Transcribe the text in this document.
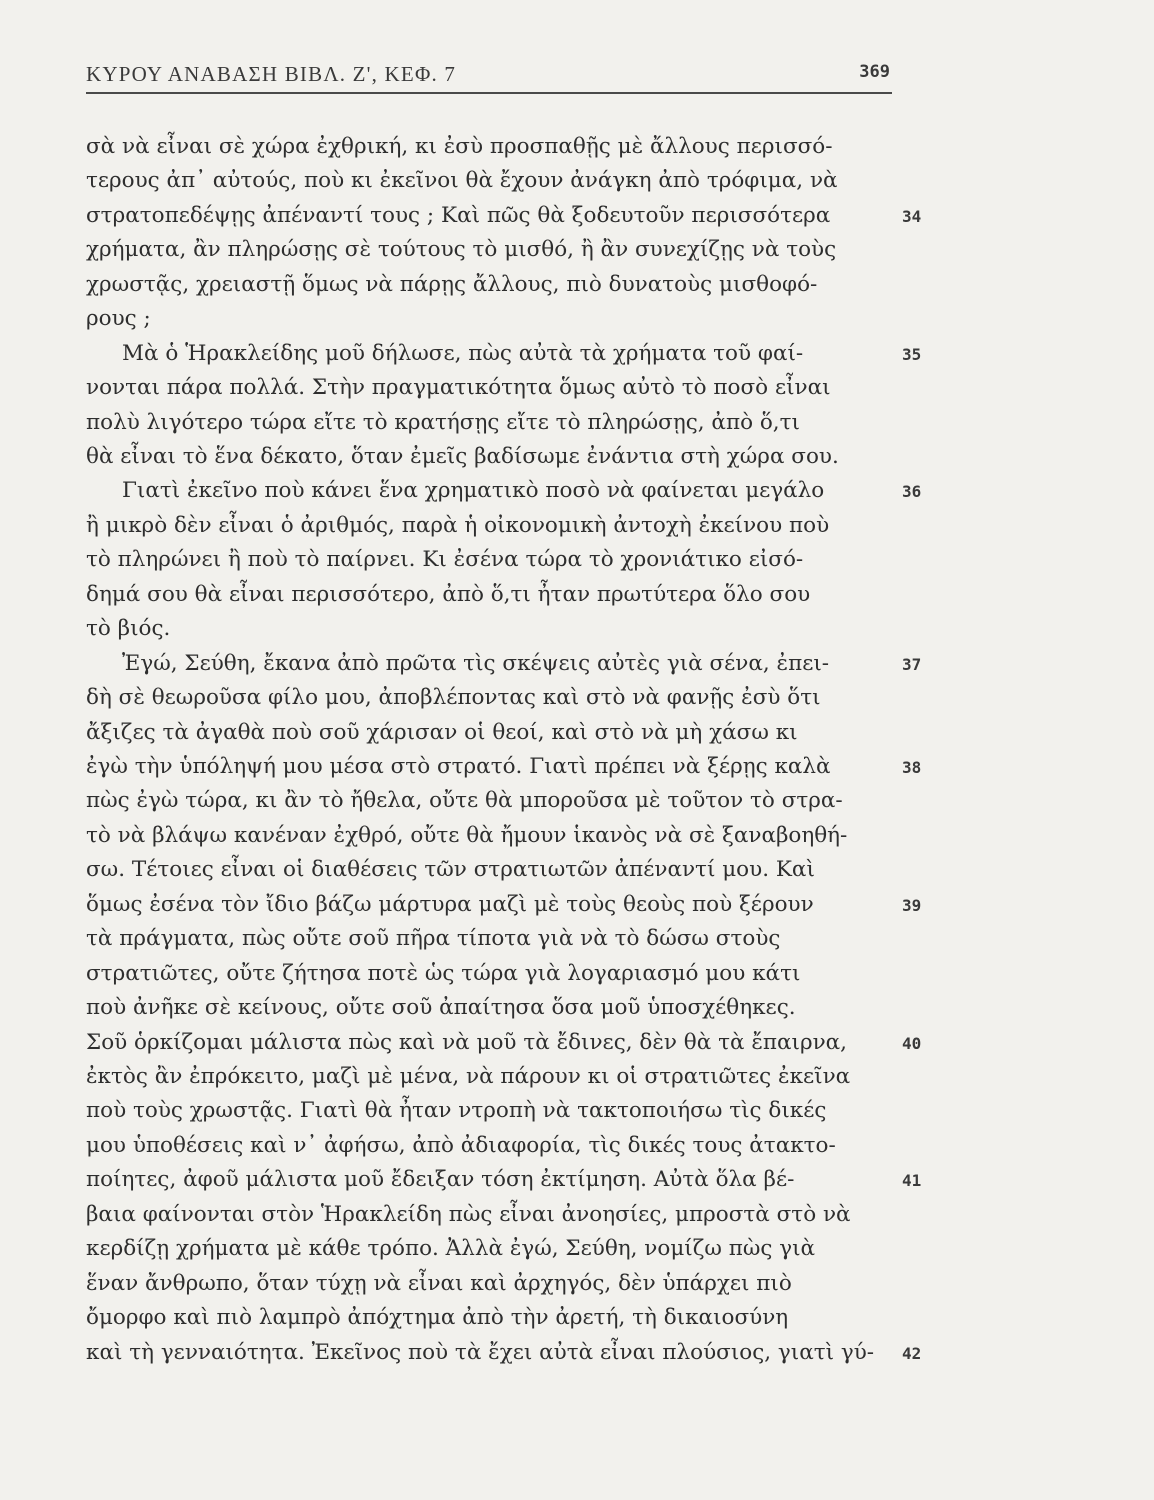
ΚΥΡΟΥ ΑΝΑΒΑΣΗ ΒΙΒΛ. Ζ', ΚΕΦ. 7	369
σὰ νὰ εἶναι σὲ χώρα ἐχθρική, κι ἐσὺ προσπαθῇς μὲ ἄλλους περισσό-
τερους ἀπ᾿ αὐτούς, ποὺ κι ἐκεῖνοι θὰ ἔχουν ἀνάγκη ἀπὸ τρόφιμα, νὰ
στρατοπεδέψῃς ἀπέναντί τους ; Καὶ πῶς θὰ ξοδευτοῦν περισσότερα
χρήματα, ἂν πληρώσῃς σὲ τούτους τὸ μισθό, ἢ ἂν συνεχίζῃς νὰ τοὺς
χρωστᾷς, χρειαστῇ ὅμως νὰ πάρῃς ἄλλους, πιὸ δυνατοὺς μισθοφό-
ρους ;
Μὰ ὁ Ἡρακλείδης μοῦ δήλωσε, πὼς αὐτὰ τὰ χρήματα τοῦ φαί-
νονται πάρα πολλά. Στὴν πραγματικότητα ὅμως αὐτὸ τὸ ποσὸ εἶναι
πολὺ λιγότερο τώρα εἴτε τὸ κρατήσῃς εἴτε τὸ πληρώσῃς, ἀπὸ ὅ,τι
θὰ εἶναι τὸ ἕνα δέκατο, ὅταν ἐμεῖς βαδίσωμε ἐνάντια στὴ χώρα σου.
Γιατὶ ἐκεῖνο ποὺ κάνει ἕνα χρηματικὸ ποσὸ νὰ φαίνεται μεγάλο
ἢ μικρὸ δὲν εἶναι ὁ ἀριθμός, παρὰ ἡ οἰκονομικὴ ἀντοχὴ ἐκείνου ποὺ
τὸ πληρώνει ἢ ποὺ τὸ παίρνει. Κι ἐσένα τώρα τὸ χρονιάτικο εἰσό-
δημά σου θὰ εἶναι περισσότερο, ἀπὸ ὅ,τι ἦταν πρωτύτερα ὅλο σου
τὸ βιός.
Ἐγώ, Σεύθη, ἔκανα ἀπὸ πρῶτα τὶς σκέψεις αὐτὲς γιὰ σένα, ἐπει-
δὴ σὲ θεωροῦσα φίλο μου, ἀποβλέποντας καὶ στὸ νὰ φανῇς ἐσὺ ὅτι
ἄξιζες τὰ ἀγαθὰ ποὺ σοῦ χάρισαν οἱ θεοί, καὶ στὸ νὰ μὴ χάσω κι
ἐγὼ τὴν ὑπόληψή μου μέσα στὸ στρατό. Γιατὶ πρέπει νὰ ξέρῃς καλὰ
πὼς ἐγὼ τώρα, κι ἂν τὸ ἤθελα, οὔτε θὰ μποροῦσα μὲ τοῦτον τὸ στρα-
τὸ νὰ βλάψω κανέναν ἐχθρό, οὔτε θὰ ἤμουν ἱκανὸς νὰ σὲ ξαναβοηθή-
σω. Τέτοιες εἶναι οἱ διαθέσεις τῶν στρατιωτῶν ἀπέναντί μου. Καὶ
ὅμως ἐσένα τὸν ἴδιο βάζω μάρτυρα μαζὶ μὲ τοὺς θεοὺς ποὺ ξέρουν
τὰ πράγματα, πὼς οὔτε σοῦ πῆρα τίποτα γιὰ νὰ τὸ δώσω στοὺς
στρατιῶτες, οὔτε ζήτησα ποτὲ ὡς τώρα γιὰ λογαριασμό μου κάτι
ποὺ ἀνῆκε σὲ κείνους, οὔτε σοῦ ἀπαίτησα ὅσα μοῦ ὑποσχέθηκες.
Σοῦ ὁρκίζομαι μάλιστα πὼς καὶ νὰ μοῦ τὰ ἔδινες, δὲν θὰ τὰ ἔπαιρνα,
ἐκτὸς ἂν ἐπρόκειτο, μαζὶ μὲ μένα, νὰ πάρουν κι οἱ στρατιῶτες ἐκεῖνα
ποὺ τοὺς χρωστᾷς. Γιατὶ θὰ ἦταν ντροπὴ νὰ τακτοποιήσω τὶς δικές
μου ὑποθέσεις καὶ ν᾿ ἀφήσω, ἀπὸ ἀδιαφορία, τὶς δικές τους ἀτακτο-
ποίητες, ἀφοῦ μάλιστα μοῦ ἔδειξαν τόση ἐκτίμηση. Αὐτὰ ὅλα βέ-
βαια φαίνονται στὸν Ἡρακλείδη πὼς εἶναι ἀνοησίες, μπροστὰ στὸ νὰ
κερδίζῃ χρήματα μὲ κάθε τρόπο. Ἀλλὰ ἐγώ, Σεύθη, νομίζω πὼς γιὰ
ἕναν ἄνθρωπο, ὅταν τύχῃ νὰ εἶναι καὶ ἀρχηγός, δὲν ὑπάρχει πιὸ
ὄμορφο καὶ πιὸ λαμπρὸ ἀπόχτημα ἀπὸ τὴν ἀρετή, τὴ δικαιοσύνη
καὶ τὴ γενναιότητα. Ἐκεῖνος ποὺ τὰ ἔχει αὐτὰ εἶναι πλούσιος, γιατὶ γύ-
34
35
36
37
38
39
40
41
42
